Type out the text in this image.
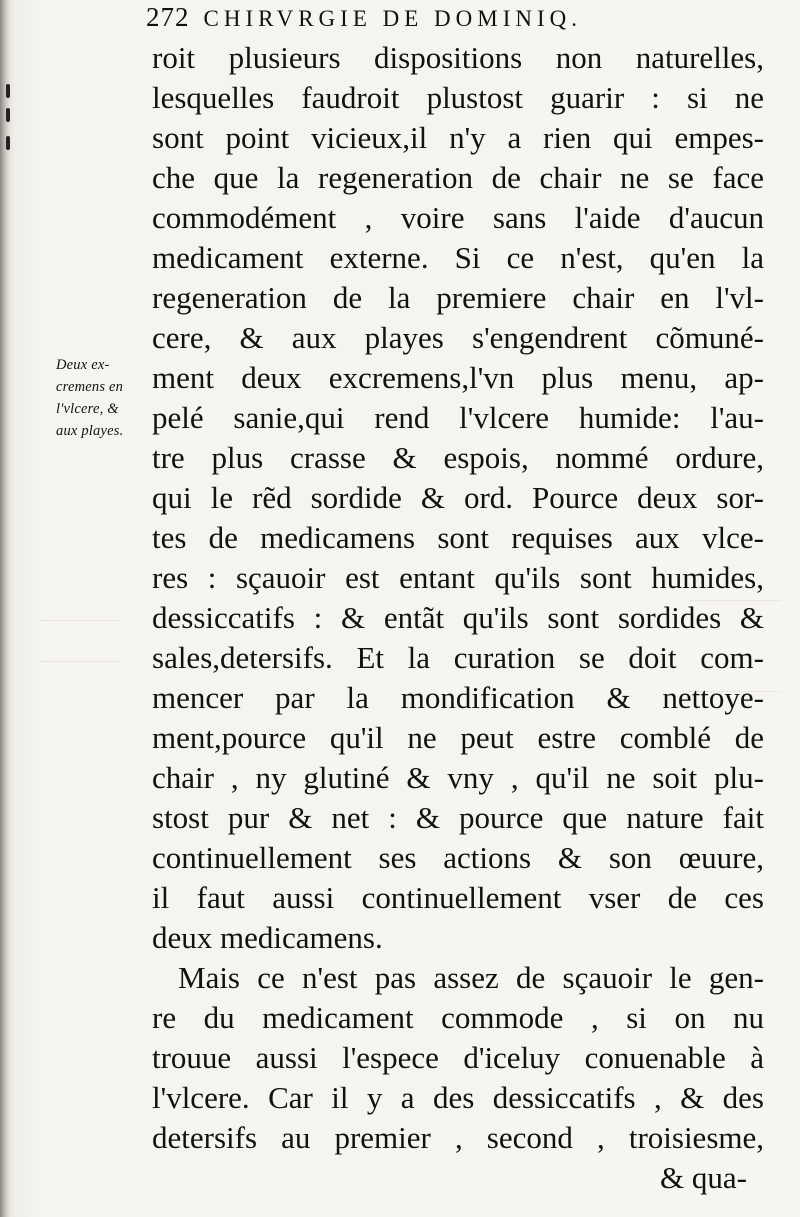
272 CHIRVRGIE DE DOMINIQ.
Deux ex-
cremens en
l'vlcere, &
aux playes.

roit plusieurs dispositions non naturelles,

lesquelles faudroit plustost guarir : si ne

sont point vicieux,il n'y a rien qui empes-

che que la regeneration de chair ne se face

commodément , voire sans l'aide d'aucun

medicament externe. Si ce n'est, qu'en la

regeneration de la premiere chair en l'vl-

cere, & aux playes s'engendrent cõmuné-

ment deux excremens,l'vn plus menu, ap-

pelé sanie,qui rend l'vlcere humide: l'au-

tre plus crasse & espois, nommé ordure,

qui le rẽd sordide & ord. Pource deux sor-

tes de medicamens sont requises aux vlce-

res : sçauoir est entant qu'ils sont humides,

dessiccatifs : & entãt qu'ils sont sordides &

sales,detersifs. Et la curation se doit com-

mencer par la mondification & nettoye-

ment,pource qu'il ne peut estre comblé de

chair , ny glutiné & vny , qu'il ne soit plu-

stost pur & net : & pource que nature fait

continuellement ses actions & son œuure,

il faut aussi continuellement vser de ces

deux medicamens.

Mais ce n'est pas assez de sçauoir le gen-

re du medicament commode , si on nu

trouue aussi l'espece d'iceluy conuenable à

l'vlcere. Car il y a des dessiccatifs , & des

detersifs au premier , second , troisiesme,

& qua-
